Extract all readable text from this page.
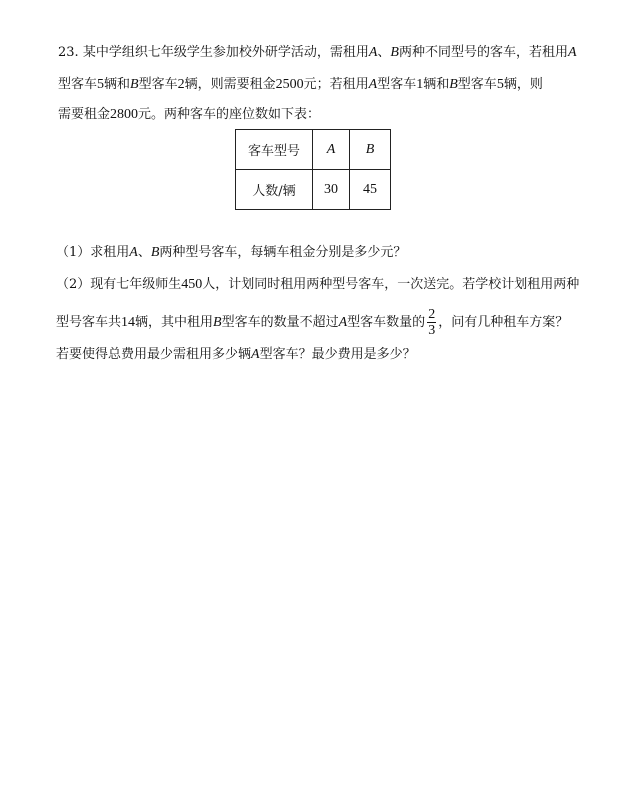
23. 某中学组织七年级学生参加校外研学活动，需租用A、B两种不同型号的客车，若租用A
型客车5辆和B型客车2辆，则需要租金2500元；若租用A型客车1辆和B型客车5辆，则
需要租金2800元。两种客车的座位数如下表：
客车型号	A	B
人数/辆	30	45
（1）求租用A、B两种型号客车，每辆车租金分别是多少元？
（2）现有七年级师生450人，计划同时租用两种型号客车，一次送完。若学校计划租用两种
型号客车共14辆，其中租用B型客车的数量不超过A型客车数量的 $\frac{2}{3}$ ，问有几种租车方案？
若要使得总费用最少需租用多少辆A型客车？最少费用是多少？
